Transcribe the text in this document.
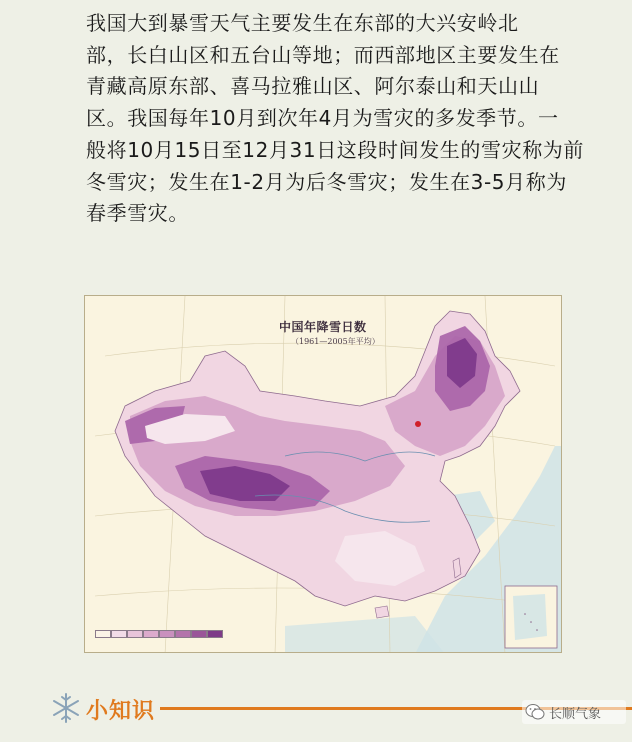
我国大到暴雪天气主要发生在东部的大兴安岭北
部，长白山区和五台山等地；而西部地区主要发生在
青藏高原东部、喜马拉雅山区、阿尔泰山和天山山
区。我国每年10月到次年4月为雪灾的多发季节。一
般将10月15日至12月31日这段时间发生的雪灾称为前
冬雪灾；发生在1-2月为后冬雪灾；发生在3-5月称为
春季雪灾。

中国年降雪日数

（1961—2005年平均）

小知识	长顺气象
